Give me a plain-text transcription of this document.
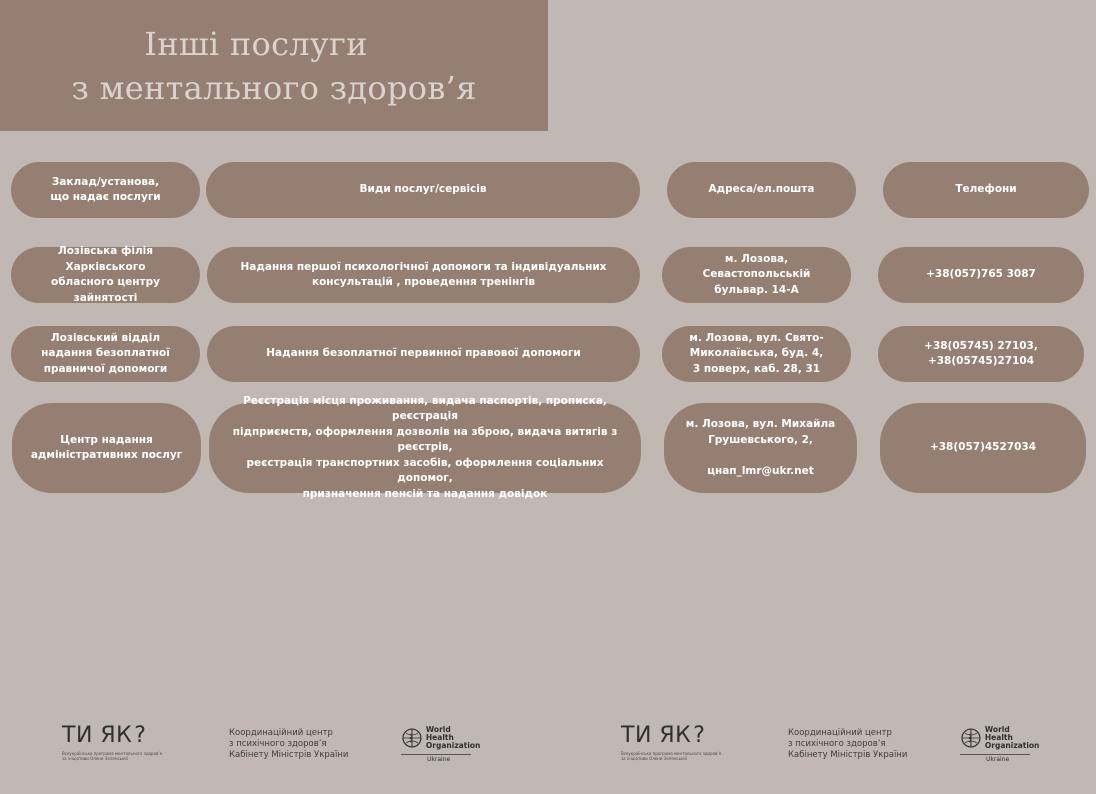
Інші послуги
з ментального здоров’я
Заклад/установа,
що надає послуги
Види послуг/сервісів	Адреса/ел.пошта	Телефони
Лозівська філія Харківського
обласного центру зайнятості
Надання першої психологічної допомоги та індивідуальних
консультацій , проведення тренінгів
м. Лозова,
Севастопольській
бульвар. 14-А
+38(057)765 3087
Лозівський відділ
надання безоплатної
правничої допомоги
Надання безоплатної первинної правової допомоги
м. Лозова, вул. Свято-
Миколаївська, буд. 4,
3 поверх, каб. 28, 31
+38(05745) 27103,
+38(05745)27104
Центр надання
адміністративних послуг
Реєстрація місця проживання, видача паспортів, прописка, реєстрація
підприємств, оформлення дозволів на зброю, видача витягів з реєстрів,
реєстрація транспортних засобів, оформлення соціальних допомог,
призначення пенсій та надання довідок
м. Лозова, вул. Михайла
Грушевського, 2,

цнап_lmr@ukr.net
+38(057)4527034
ТИ ЯК ?
Всеукраїнська програма ментального здоров’я
за ініціативи Олени Зеленської
Координаційний центр
з психічного здоров’я
Кабінету Міністрів України
World Health
Organization
Ukraine
ТИ ЯК ?
Всеукраїнська програма ментального здоров’я
за ініціативи Олени Зеленської
Координаційний центр
з психічного здоров’я
Кабінету Міністрів України
World Health
Organization
Ukraine
